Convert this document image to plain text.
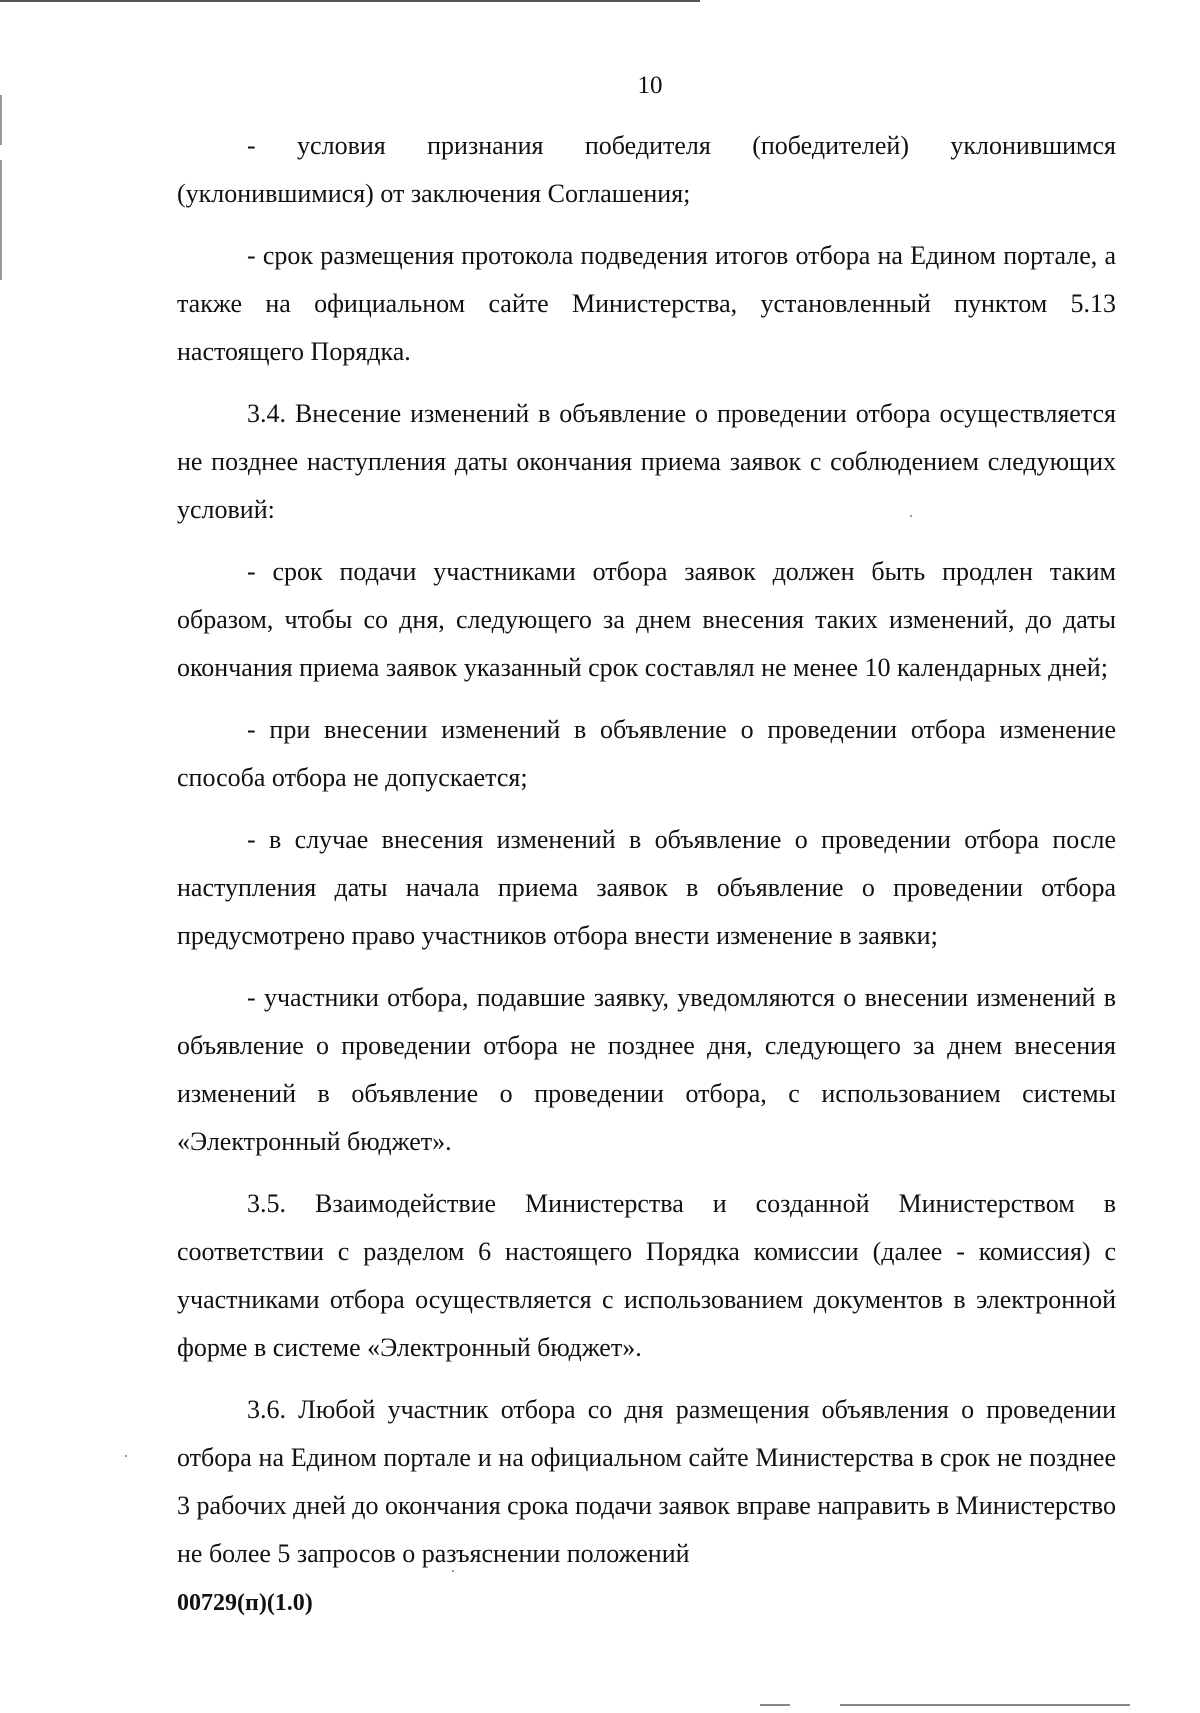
10

- условия признания победителя (победителей) уклонившимся (уклонившимися) от заключения Соглашения;

- срок размещения протокола подведения итогов отбора на Едином портале, а также на официальном сайте Министерства, установленный пунктом 5.13 настоящего Порядка.

3.4. Внесение изменений в объявление о проведении отбора осуществляется не позднее наступления даты окончания приема заявок с соблюдением следующих условий:

- срок подачи участниками отбора заявок должен быть продлен таким образом, чтобы со дня, следующего за днем внесения таких изменений, до даты окончания приема заявок указанный срок составлял не менее 10 календарных дней;

- при внесении изменений в объявление о проведении отбора изменение способа отбора не допускается;

- в случае внесения изменений в объявление о проведении отбора после наступления даты начала приема заявок в объявление о проведении отбора предусмотрено право участников отбора внести изменение в заявки;

- участники отбора, подавшие заявку, уведомляются о внесении изменений в объявление о проведении отбора не позднее дня, следующего за днем внесения изменений в объявление о проведении отбора, с использованием системы «Электронный бюджет».

3.5. Взаимодействие Министерства и созданной Министерством в соответствии с разделом 6 настоящего Порядка комиссии (далее - комиссия) с участниками отбора осуществляется с использованием документов в электронной форме в системе «Электронный бюджет».

3.6. Любой участник отбора со дня размещения объявления о проведении отбора на Едином портале и на официальном сайте Министерства в срок не позднее 3 рабочих дней до окончания срока подачи заявок вправе направить в Министерство не более 5 запросов о разъяснении положений

00729(п)(1.0)
